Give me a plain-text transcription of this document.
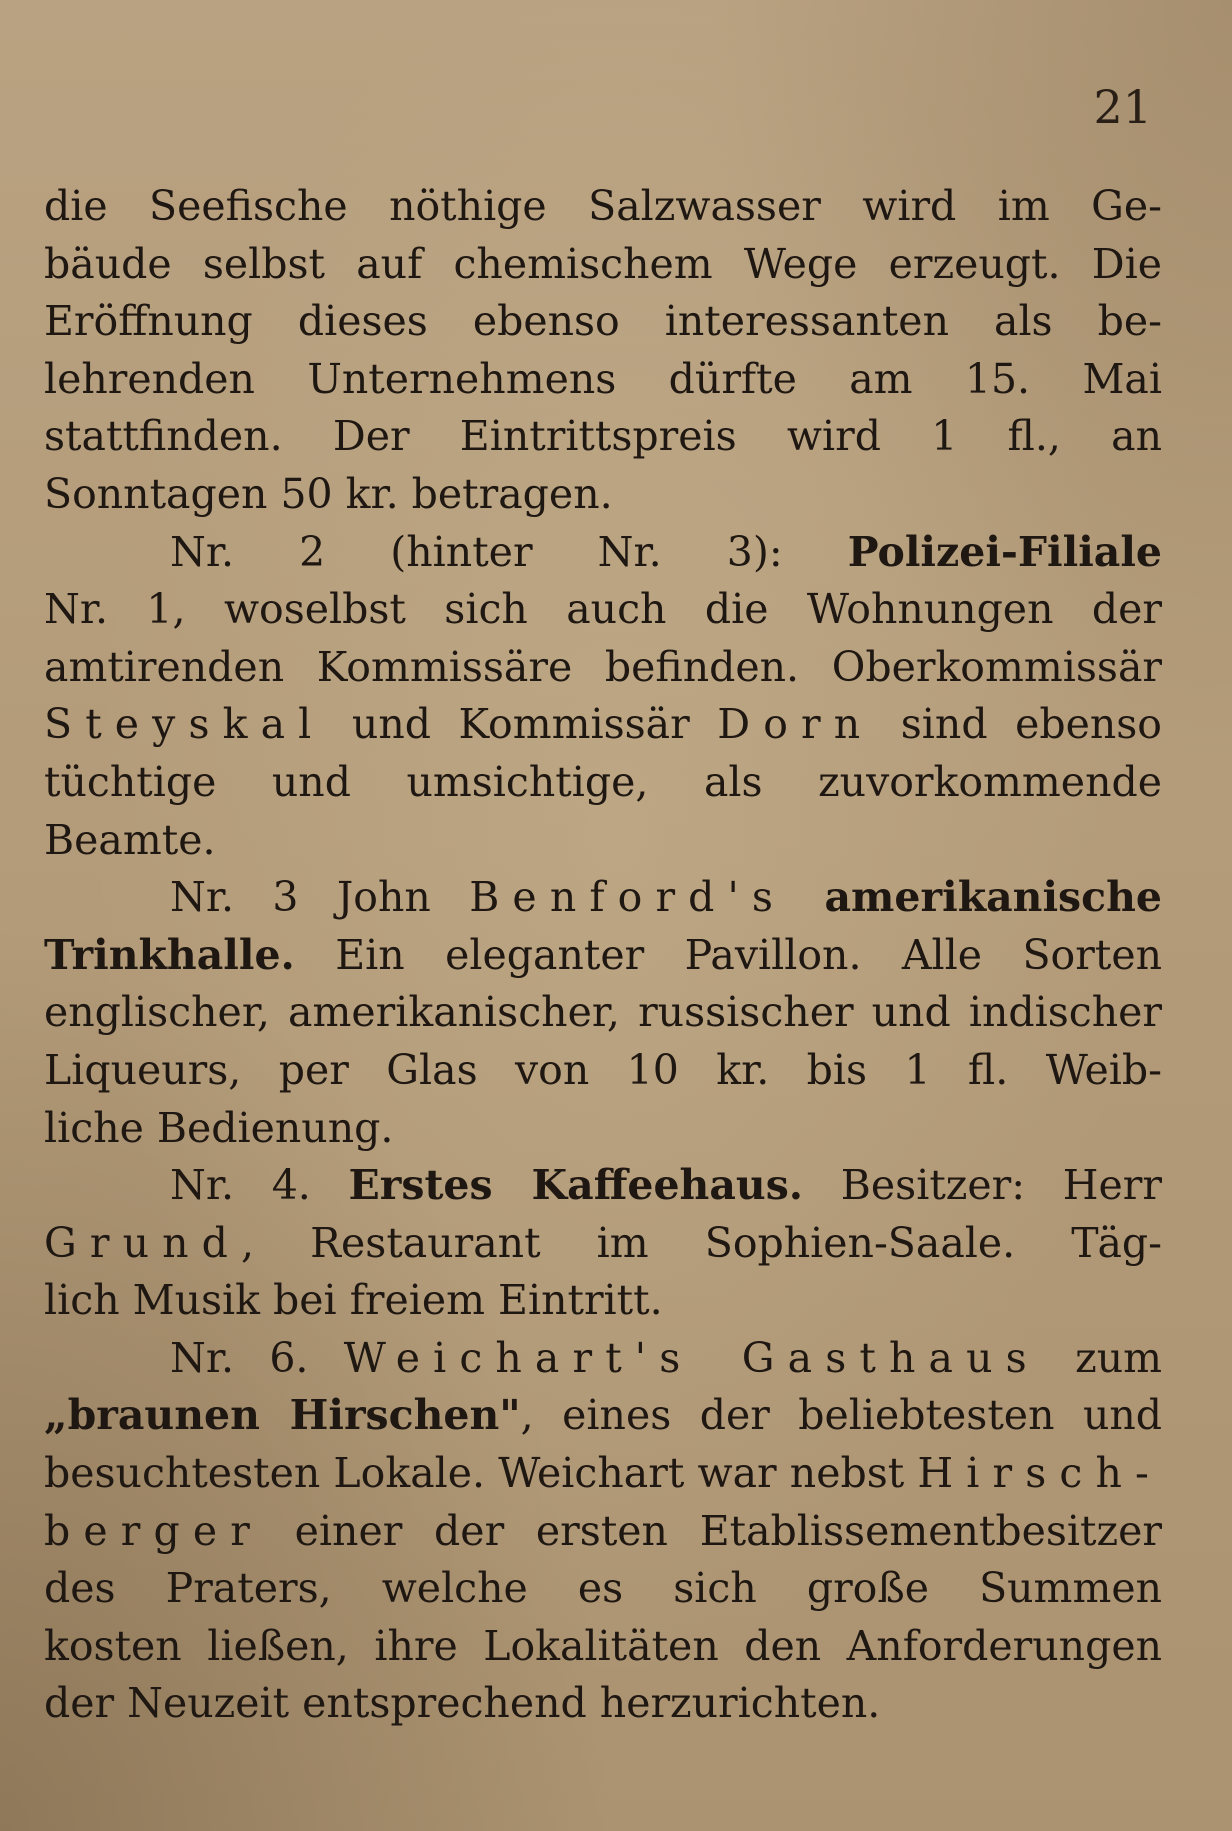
21
die Seefische nöthige Salzwasser wird im Ge-
bäude selbst auf chemischem Wege erzeugt. Die
Eröffnung dieses ebenso interessanten als be-
lehrenden Unternehmens dürfte am 15. Mai
stattfinden. Der Eintrittspreis wird 1 fl., an
Sonntagen 50 kr. betragen.
Nr. 2 (hinter Nr. 3): Polizei-Filiale
Nr. 1, woselbst sich auch die Wohnungen der
amtirenden Kommissäre befinden. Oberkommissär
Steyskal und Kommissär Dorn sind ebenso
tüchtige und umsichtige, als zuvorkommende
Beamte.
Nr. 3 John Benford's amerikanische
Trinkhalle. Ein eleganter Pavillon. Alle Sorten
englischer, amerikanischer, russischer und indischer
Liqueurs, per Glas von 10 kr. bis 1 fl. Weib-
liche Bedienung.
Nr. 4. Erstes Kaffeehaus. Besitzer: Herr
Grund, Restaurant im Sophien-Saale. Täg-
lich Musik bei freiem Eintritt.
Nr. 6. Weichart's Gasthaus zum
„braunen Hirschen", eines der beliebtesten und
besuchtesten Lokale. Weichart war nebst Hirsch-
berger einer der ersten Etablissementbesitzer
des Praters, welche es sich große Summen
kosten ließen, ihre Lokalitäten den Anforderungen
der Neuzeit entsprechend herzurichten.
